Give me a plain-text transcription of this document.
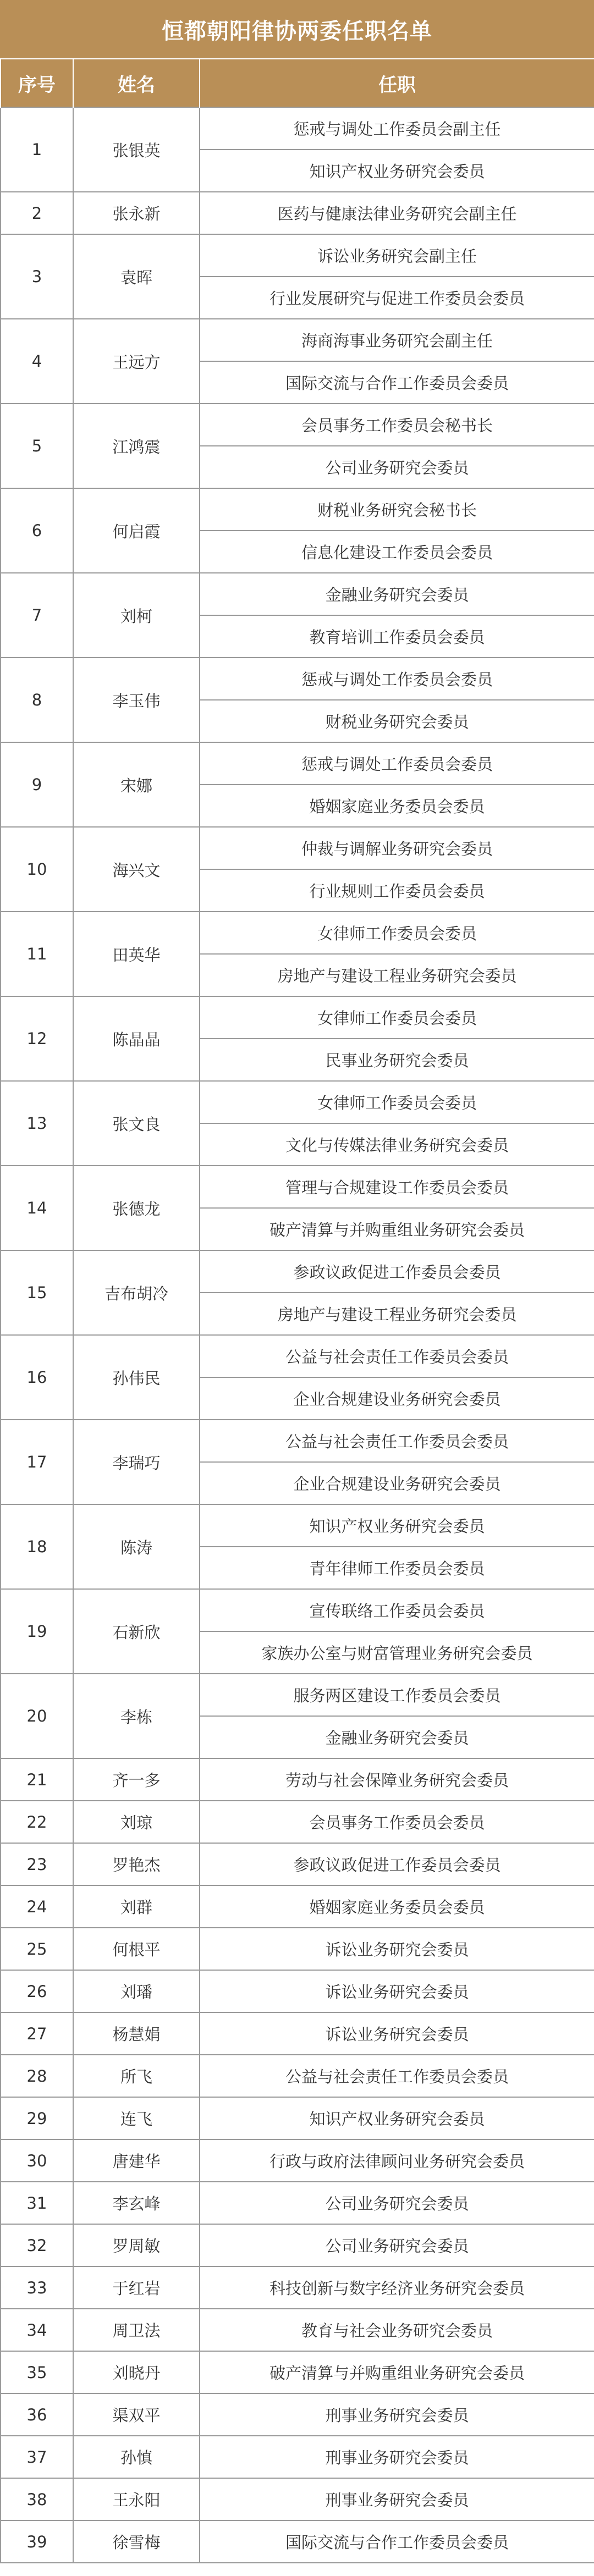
恒都朝阳律协两委任职名单
序号	姓名	任职
1	张银英	惩戒与调处工作委员会副主任
		知识产权业务研究会委员
2	张永新	医药与健康法律业务研究会副主任
3	袁晖	诉讼业务研究会副主任
		行业发展研究与促进工作委员会委员
4	王远方	海商海事业务研究会副主任
		国际交流与合作工作委员会委员
5	江鸿震	会员事务工作委员会秘书长
		公司业务研究会委员
6	何启霞	财税业务研究会秘书长
		信息化建设工作委员会委员
7	刘柯	金融业务研究会委员
		教育培训工作委员会委员
8	李玉伟	惩戒与调处工作委员会委员
		财税业务研究会委员
9	宋娜	惩戒与调处工作委员会委员
		婚姻家庭业务委员会委员
10	海兴文	仲裁与调解业务研究会委员
		行业规则工作委员会委员
11	田英华	女律师工作委员会委员
		房地产与建设工程业务研究会委员
12	陈晶晶	女律师工作委员会委员
		民事业务研究会委员
13	张文良	女律师工作委员会委员
		文化与传媒法律业务研究会委员
14	张德龙	管理与合规建设工作委员会委员
		破产清算与并购重组业务研究会委员
15	吉布胡冷	参政议政促进工作委员会委员
		房地产与建设工程业务研究会委员
16	孙伟民	公益与社会责任工作委员会委员
		企业合规建设业务研究会委员
17	李瑞巧	公益与社会责任工作委员会委员
		企业合规建设业务研究会委员
18	陈涛	知识产权业务研究会委员
		青年律师工作委员会委员
19	石新欣	宣传联络工作委员会委员
		家族办公室与财富管理业务研究会委员
20	李栋	服务两区建设工作委员会委员
		金融业务研究会委员
21	齐一多	劳动与社会保障业务研究会委员
22	刘琼	会员事务工作委员会委员
23	罗艳杰	参政议政促进工作委员会委员
24	刘群	婚姻家庭业务委员会委员
25	何根平	诉讼业务研究会委员
26	刘璠	诉讼业务研究会委员
27	杨慧娟	诉讼业务研究会委员
28	所飞	公益与社会责任工作委员会委员
29	连飞	知识产权业务研究会委员
30	唐建华	行政与政府法律顾问业务研究会委员
31	李玄峰	公司业务研究会委员
32	罗周敏	公司业务研究会委员
33	于红岩	科技创新与数字经济业务研究会委员
34	周卫法	教育与社会业务研究会委员
35	刘晓丹	破产清算与并购重组业务研究会委员
36	渠双平	刑事业务研究会委员
37	孙慎	刑事业务研究会委员
38	王永阳	刑事业务研究会委员
39	徐雪梅	国际交流与合作工作委员会委员
